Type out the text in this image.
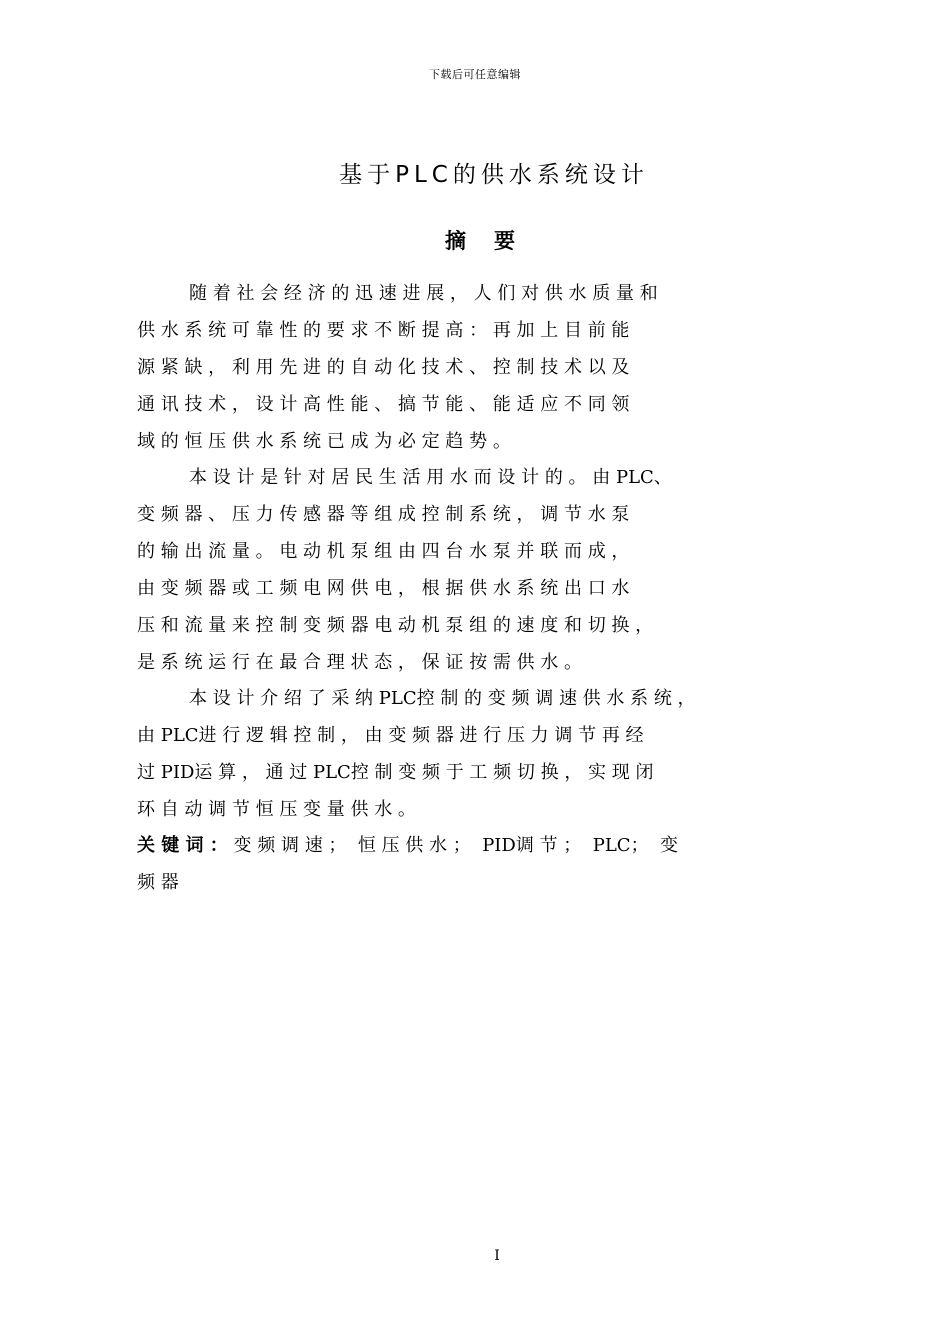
下载后可任意编辑
基于PLC的供水系统设计
摘要
随 着 社 会 经 济 的 迅 速 进 展 ， 人 们 对 供 水 质 量 和
供 水 系 统 可 靠 性 的 要 求 不 断 提 高 ： 再 加 上 目 前 能
源 紧 缺 ， 利 用 先 进 的 自 动 化 技 术 、 控 制 技 术 以 及
通 讯 技 术 ， 设 计 高 性 能 、 搞 节 能 、 能 适 应 不 同 领
域 的 恒 压 供 水 系 统 已 成 为 必 定 趋 势 。
本 设 计 是 针 对 居 民 生 活 用 水 而 设 计 的 。 由 PLC、
变 频 器 、 压 力 传 感 器 等 组 成 控 制 系 统 ， 调 节 水 泵
的 输 出 流 量 。 电 动 机 泵 组 由 四 台 水 泵 并 联 而 成 ，
由 变 频 器 或 工 频 电 网 供 电 ， 根 据 供 水 系 统 出 口 水
压 和 流 量 来 控 制 变 频 器 电 动 机 泵 组 的 速 度 和 切 换 ，
是 系 统 运 行 在 最 合 理 状 态 ， 保 证 按 需 供 水 。
本 设 计 介 绍 了 采 纳 PLC控 制 的 变 频 调 速 供 水 系 统 ，
由 PLC进 行 逻 辑 控 制 ， 由 变 频 器 进 行 压 力 调 节 再 经
过 PID运 算 ， 通 过 PLC控 制 变 频 于 工 频 切 换 ， 实 现 闭
环 自 动 调 节 恒 压 变 量 供 水 。
关 键 词 ： 变 频 调 速 ；  恒 压 供 水 ；  PID调 节 ；  PLC；  变
频 器
I
